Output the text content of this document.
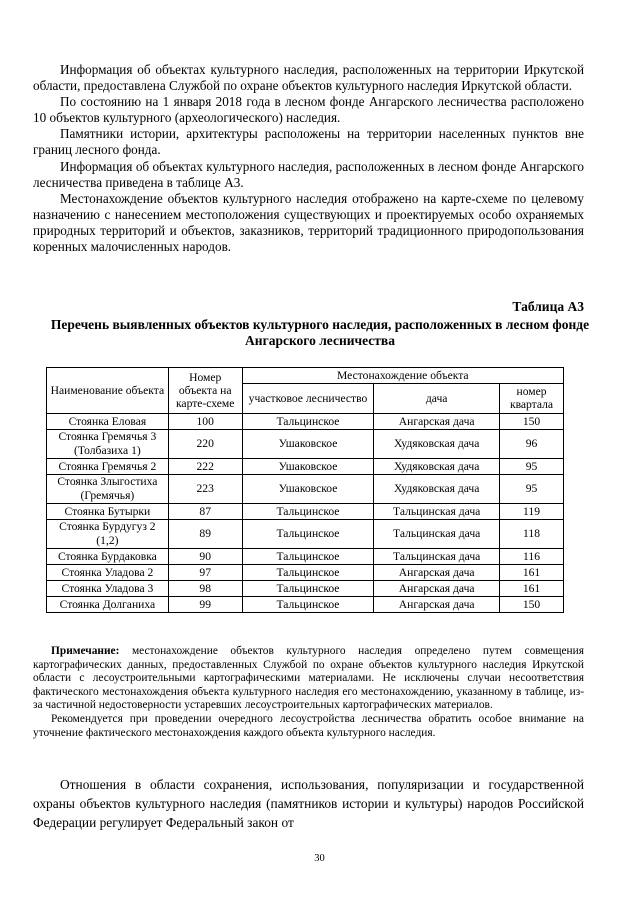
Информация об объектах культурного наследия, расположенных на территории Иркутской области, предоставлена Службой по охране объектов культурного наследия Иркутской области.

По состоянию на 1 января 2018 года в лесном фонде Ангарского лесничества расположено 10 объектов культурного (археологического) наследия.

Памятники истории, архитектуры расположены на территории населенных пунктов вне границ лесного фонда.

Информация об объектах культурного наследия, расположенных в лесном фонде Ангарского лесничества приведена в таблице А3.

Местонахождение объектов культурного наследия отображено на карте-схеме по целевому назначению с нанесением местоположения существующих и проектируемых особо охраняемых природных территорий и объектов, заказников, территорий традиционного природопользования коренных малочисленных народов.

Таблица А3
Перечень выявленных объектов культурного наследия, расположенных в лесном фонде Ангарского лесничества
Наименование объекта	Номер объекта на карте-схеме	Местонахождение объекта		
		участковое лесничество	дача	номер квартала
Стоянка Еловая	100	Тальцинское	Ангарская дача	150
Стоянка Гремячья 3 (Толбазиха 1)	220	Ушаковское	Худяковская дача	96
Стоянка Гремячья 2	222	Ушаковское	Худяковская дача	95
Стоянка Злыгостиха (Гремячья)	223	Ушаковское	Худяковская дача	95
Стоянка Бутырки	87	Тальцинское	Тальцинская дача	119
Стоянка Бурдугуз 2 (1,2)	89	Тальцинское	Тальцинская дача	118
Стоянка Бурдаковка	90	Тальцинское	Тальцинская дача	116
Стоянка Уладова 2	97	Тальцинское	Ангарская дача	161
Стоянка Уладова 3	98	Тальцинское	Ангарская дача	161
Стоянка Долганиха	99	Тальцинское	Ангарская дача	150

Примечание: местонахождение объектов культурного наследия определено путем совмещения картографических данных, предоставленных Службой по охране объектов культурного наследия Иркутской области с лесоустроительными картографическими материалами. Не исключены случаи несоответствия фактического местонахождения объекта культурного наследия его местонахождению, указанному в таблице, из-за частичной недостоверности устаревших лесоустроительных картографических материалов.

Рекомендуется при проведении очередного лесоустройства лесничества обратить особое внимание на уточнение фактического местонахождения каждого объекта культурного наследия.

Отношения в области сохранения, использования, популяризации и государственной охраны объектов культурного наследия (памятников истории и культуры) народов Российской Федерации регулирует Федеральный закон от

30
